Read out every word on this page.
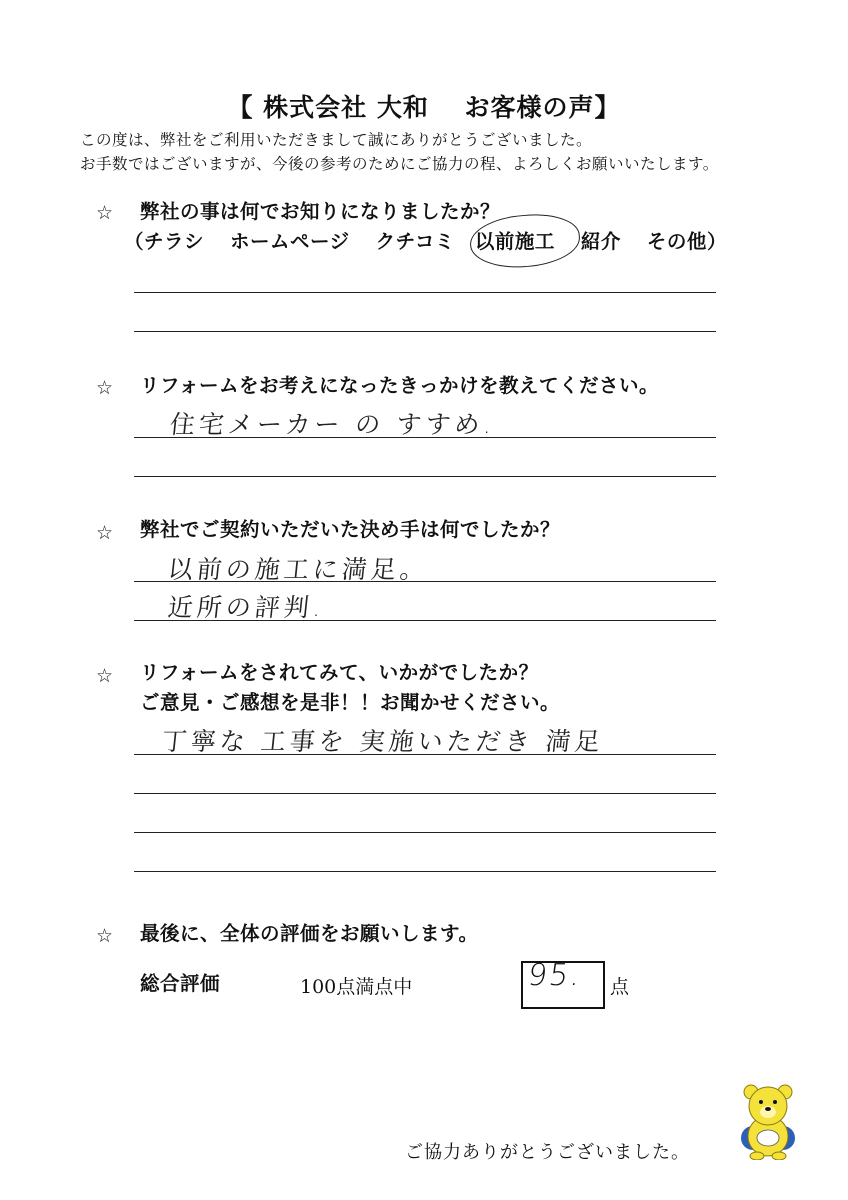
【 株式会社 大和　 お客様の声】
この度は、弊社をご利用いただきまして誠にありがとうございました。
お手数ではございますが、今後の参考のためにご協力の程、よろしくお願いいたします。
☆ 弊社の事は何でお知りになりましたか？
（チラシ ホームページ クチコミ 以前施工 紹介 その他）
☆ リフォームをお考えになったきっかけを教えてください。
住宅メーカー の すすめ.
☆ 弊社でご契約いただいた決め手は何でしたか？
以前の施工に満足。
近所の評判.
☆ リフォームをされてみて、いかがでしたか？
ご意見・ご感想を是非！！お聞かせください。
丁寧な 工事を 実施いただき 満足
☆ 最後に、全体の評価をお願いします。
総合評価	100点満点中	95. 点
ご協力ありがとうございました。
